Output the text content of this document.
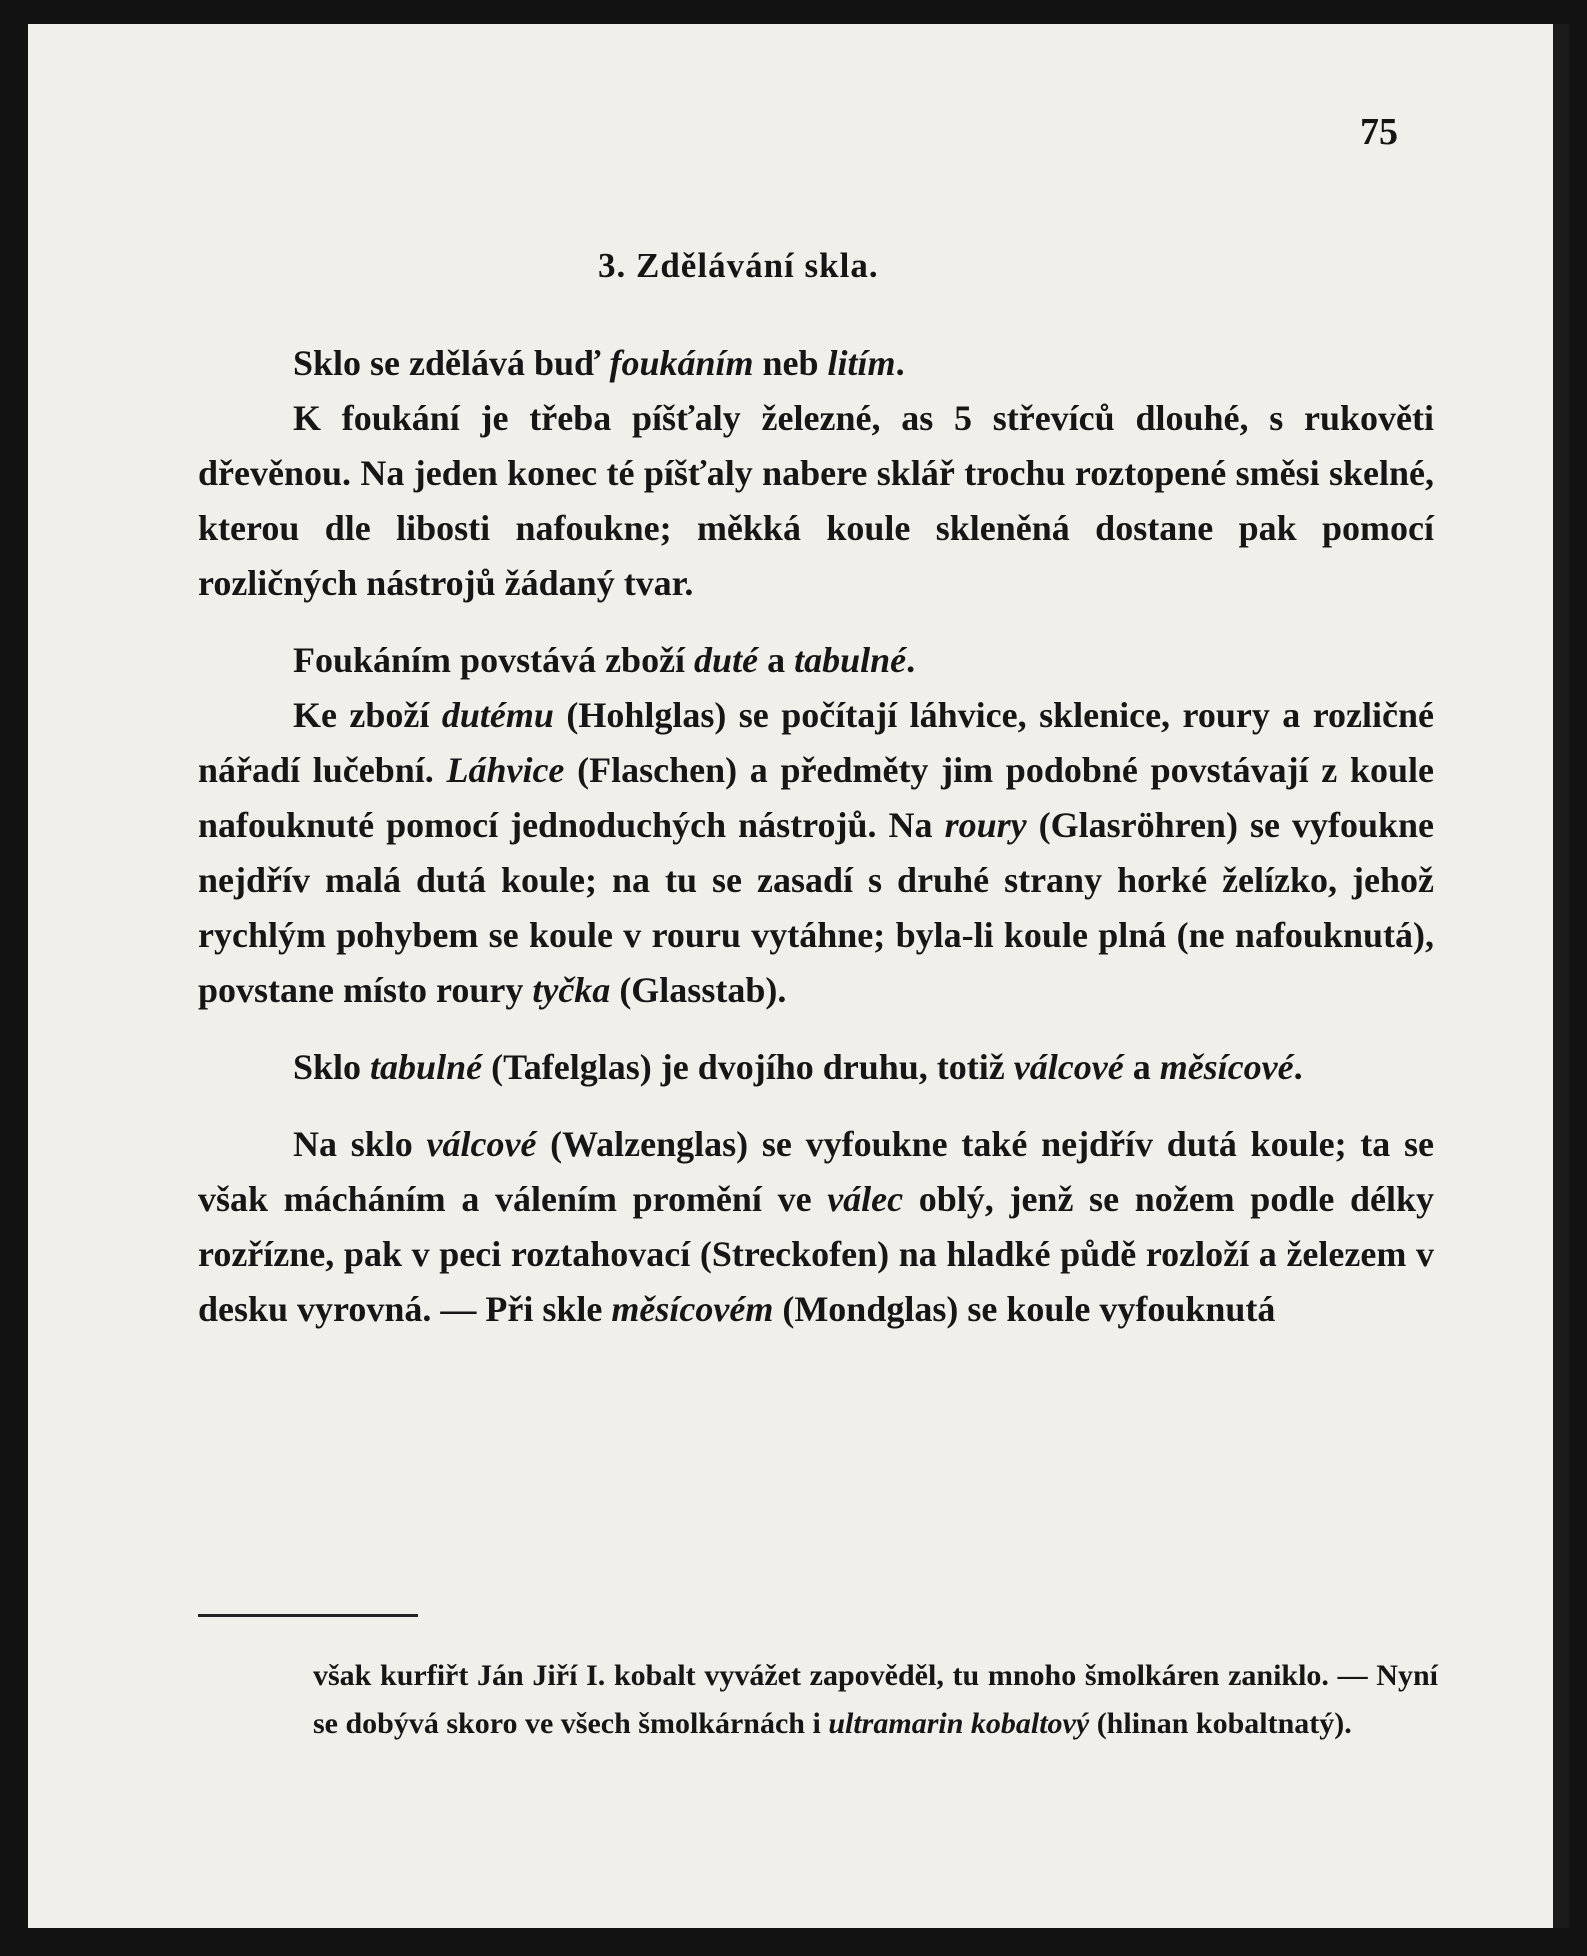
75
3. Zdělávání skla.

Sklo se zdělává buď foukáním neb litím.

K foukání je třeba píšťaly železné, as 5 střevíců dlouhé, s rukověti dřevěnou. Na jeden konec té píšťaly nabere sklář trochu roztopené směsi skelné, kterou dle libosti nafoukne; měkká koule skleněná dostane pak pomocí rozličných nástrojů žádaný tvar.

Foukáním povstává zboží duté a tabulné.

Ke zboží dutému (Hohlglas) se počítají láhvice, sklenice, roury a rozličné nářadí lučební. Láhvice (Flaschen) a předměty jim podobné povstávají z koule nafouknuté pomocí jednoduchých nástrojů. Na roury (Glasröhren) se vyfoukne nejdřív malá dutá koule; na tu se zasadí s druhé strany horké želízko, jehož rychlým pohybem se koule v rouru vytáhne; byla-li koule plná (ne nafouknutá), povstane místo roury tyčka (Glasstab).

Sklo tabulné (Tafelglas) je dvojího druhu, totiž válcové a měsícové.

Na sklo válcové (Walzenglas) se vyfoukne také nejdřív dutá koule; ta se však mácháním a válením promění ve válec oblý, jenž se nožem podle délky rozřízne, pak v peci roztahovací (Streckofen) na hladké půdě rozloží a železem v desku vyrovná. — Při skle měsícovém (Mondglas) se koule vyfouknutá

však kurfiřt Ján Jiří I. kobalt vyvážet zapověděl, tu mnoho šmolkáren zaniklo. — Nyní se dobývá skoro ve všech šmolkárnách i ultramarin kobaltový (hlinan kobaltnatý).
